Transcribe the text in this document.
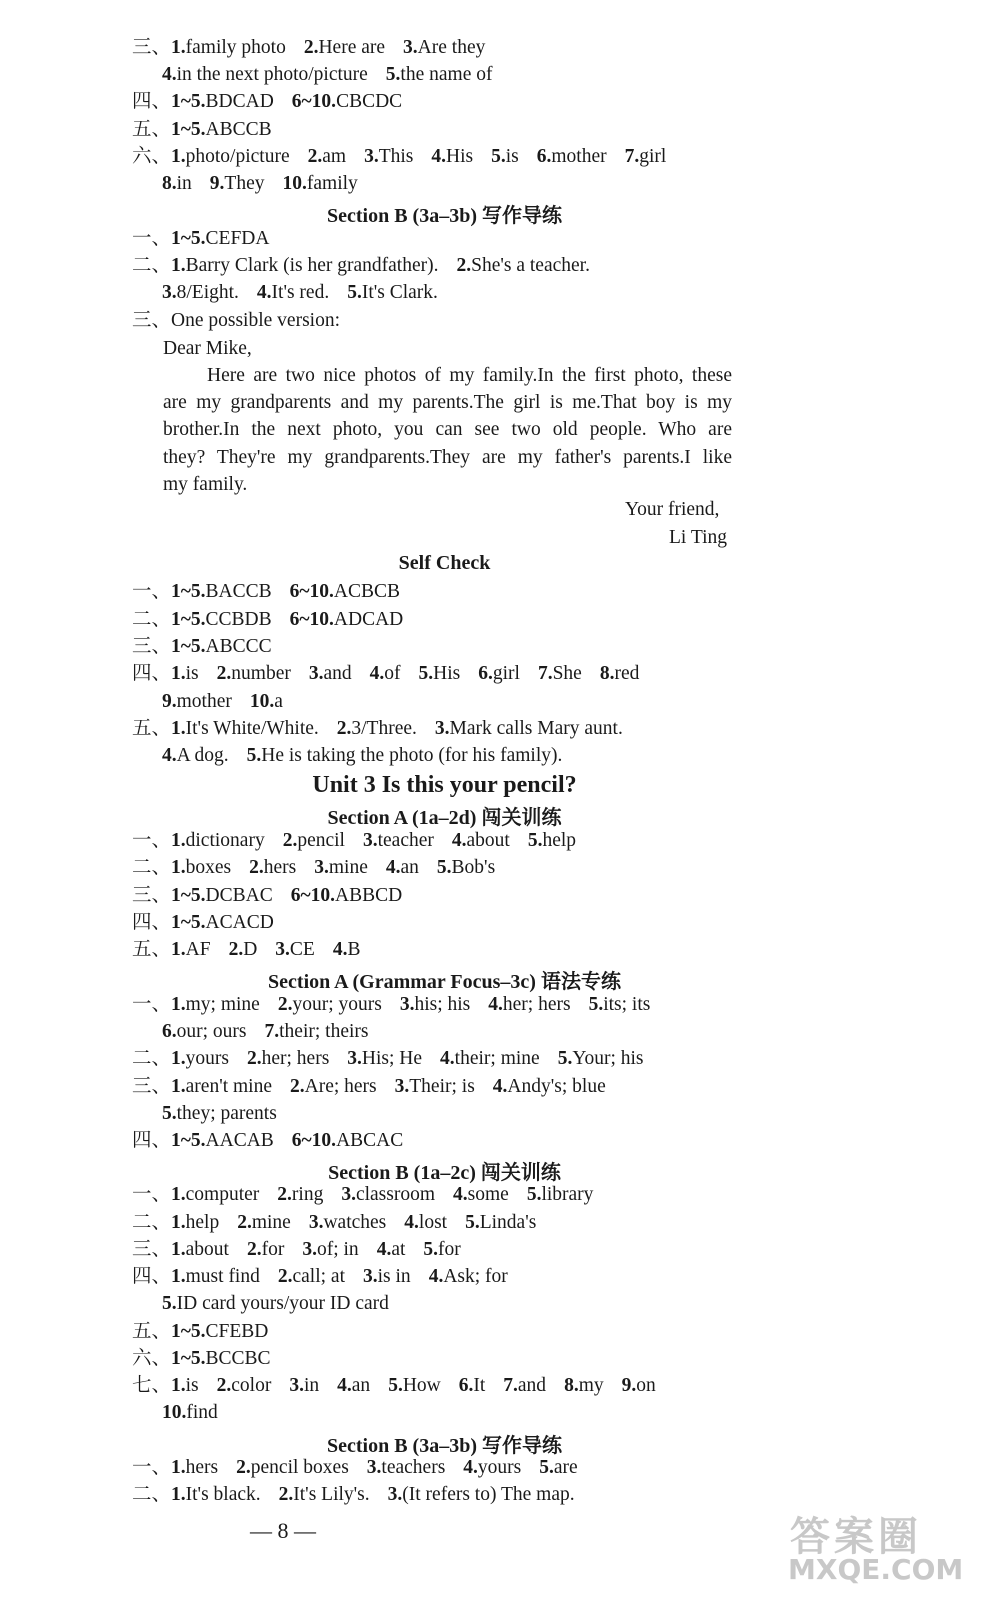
三、1.family photo 2.Here are 3.Are they
4.in the next photo/picture 5.the name of
四、1~5.BDCAD 6~10.CBCDC
五、1~5.ABCCB
六、1.photo/picture 2.am 3.This 4.His 5.is 6.mother 7.girl
8.in 9.They 10.family
Section B (3a–3b) 写作导练
一、1~5.CEFDA
二、1.Barry Clark (is her grandfather). 2.She's a teacher.
3.8/Eight. 4.It's red. 5.It's Clark.
三、One possible version:
Dear Mike,
Here are two nice photos of my family.In the first photo, these
are my grandparents and my parents.The girl is me.That boy is my
brother.In the next photo, you can see two old people. Who are
they? They're my grandparents.They are my father's parents.I like
my family.
Your friend,
Li Ting
Self Check
一、1~5.BACCB 6~10.ACBCB
二、1~5.CCBDB 6~10.ADCAD
三、1~5.ABCCC
四、1.is 2.number 3.and 4.of 5.His 6.girl 7.She 8.red
9.mother 10.a
五、1.It's White/White. 2.3/Three. 3.Mark calls Mary aunt.
4.A dog. 5.He is taking the photo (for his family).
Unit 3 Is this your pencil?
Section A (1a–2d) 闯关训练
一、1.dictionary 2.pencil 3.teacher 4.about 5.help
二、1.boxes 2.hers 3.mine 4.an 5.Bob's
三、1~5.DCBAC 6~10.ABBCD
四、1~5.ACACD
五、1.AF 2.D 3.CE 4.B
Section A (Grammar Focus–3c) 语法专练
一、1.my; mine 2.your; yours 3.his; his 4.her; hers 5.its; its
6.our; ours 7.their; theirs
二、1.yours 2.her; hers 3.His; He 4.their; mine 5.Your; his
三、1.aren't mine 2.Are; hers 3.Their; is 4.Andy's; blue
5.they; parents
四、1~5.AACAB 6~10.ABCAC
Section B (1a–2c) 闯关训练
一、1.computer 2.ring 3.classroom 4.some 5.library
二、1.help 2.mine 3.watches 4.lost 5.Linda's
三、1.about 2.for 3.of; in 4.at 5.for
四、1.must find 2.call; at 3.is in 4.Ask; for
5.ID card yours/your ID card
五、1~5.CFEBD
六、1~5.BCCBC
七、1.is 2.color 3.in 4.an 5.How 6.It 7.and 8.my 9.on
10.find
Section B (3a–3b) 写作导练
一、1.hers 2.pencil boxes 3.teachers 4.yours 5.are
二、1.It's black. 2.It's Lily's. 3.(It refers to) The map.
— 8 —	答案圈
MXQE.COM
